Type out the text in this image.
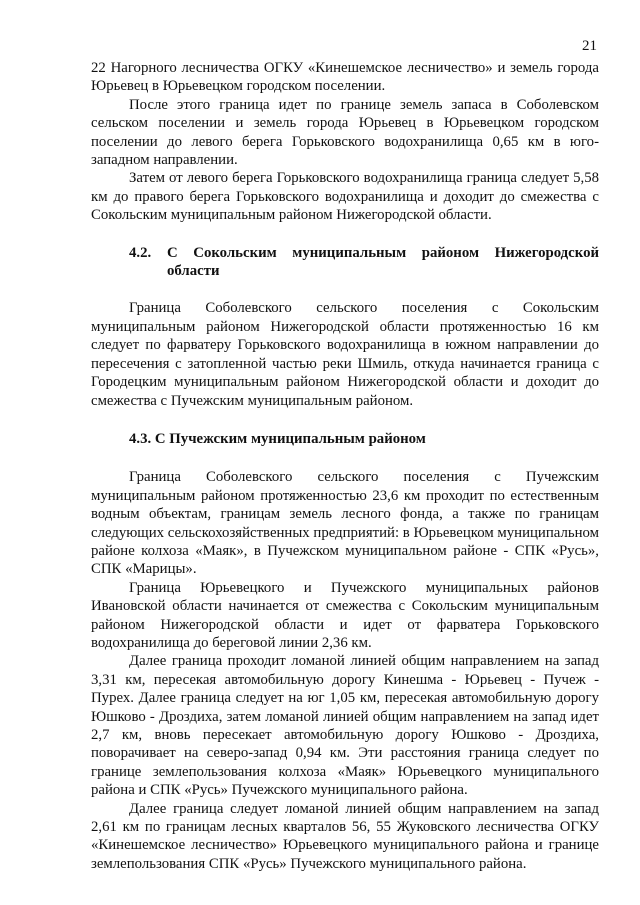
21

22 Нагорного лесничества ОГКУ «Кинешемское лесничество» и земель города Юрьевец в Юрьевецком городском поселении.

После этого граница идет по границе земель запаса в Соболевском сельском поселении и земель города Юрьевец в Юрьевецком городском поселении до левого берега Горьковского водохранилища 0,65 км в юго-западном направлении.

Затем от левого берега Горьковского водохранилища граница следует 5,58 км до правого берега Горьковского водохранилища и доходит до смежества с Сокольским муниципальным районом Нижегородской области.

4.2.	С Сокольским муниципальным районом Нижегородской области

Граница Соболевского сельского поселения с Сокольским муниципальным районом Нижегородской области протяженностью 16 км следует по фарватеру Горьковского водохранилища в южном направлении до пересечения с затопленной частью реки Шмиль, откуда начинается граница с Городецким муниципальным районом Нижегородской области и доходит до смежества с Пучежским муниципальным районом.

4.3. С Пучежским муниципальным районом

Граница Соболевского сельского поселения с Пучежским муниципальным районом протяженностью 23,6 км проходит по естественным водным объектам, границам земель лесного фонда, а также по границам следующих сельскохозяйственных предприятий: в Юрьевецком муниципальном районе колхоза «Маяк», в Пучежском муниципальном районе - СПК «Русь», СПК «Марицы».

Граница Юрьевецкого и Пучежского муниципальных районов Ивановской области начинается от смежества с Сокольским муниципальным районом Нижегородской области и идет от фарватера Горьковского водохранилища до береговой линии 2,36 км.

Далее граница проходит ломаной линией общим направлением на запад 3,31 км, пересекая автомобильную дорогу Кинешма - Юрьевец - Пучеж - Пурех. Далее граница следует на юг 1,05 км, пересекая автомобильную дорогу Юшково - Дроздиха, затем ломаной линией общим направлением на запад идет 2,7 км, вновь пересекает автомобильную дорогу Юшково - Дроздиха, поворачивает на северо-запад 0,94 км. Эти расстояния граница следует по границе землепользования колхоза «Маяк» Юрьевецкого муниципального района и СПК «Русь» Пучежского муниципального района.

Далее граница следует ломаной линией общим направлением на запад 2,61 км по границам лесных кварталов 56, 55 Жуковского лесничества ОГКУ «Кинешемское лесничество» Юрьевецкого муниципального района и границе землепользования СПК «Русь» Пучежского муниципального района.
